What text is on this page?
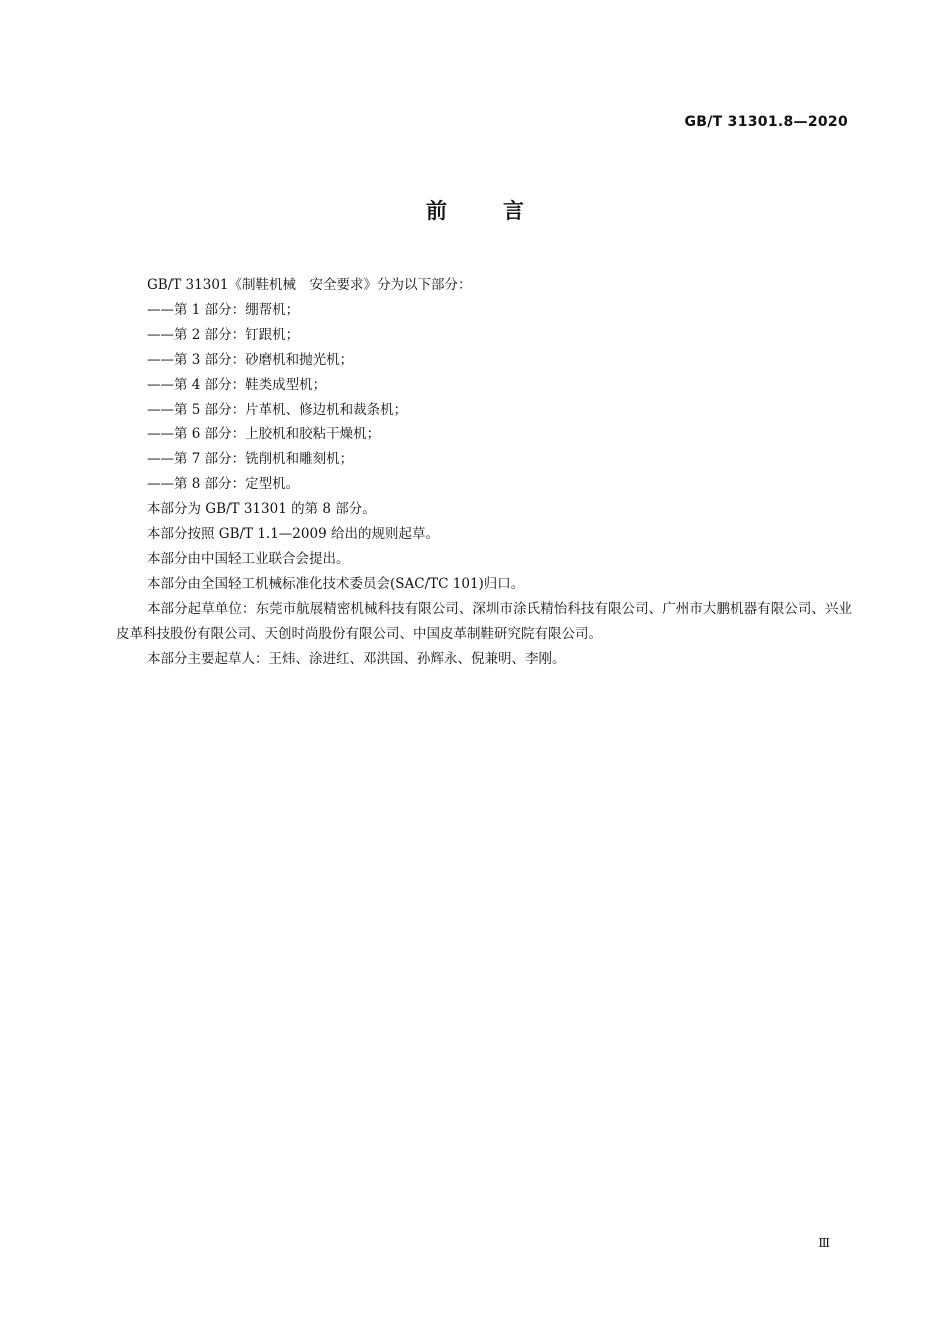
GB/T 31301.8—2020
前言

GB/T 31301《制鞋机械　安全要求》分为以下部分：

——第 1 部分：绷帮机；

——第 2 部分：钉跟机；

——第 3 部分：砂磨机和抛光机；

——第 4 部分：鞋类成型机；

——第 5 部分：片革机、修边机和裁条机；

——第 6 部分：上胶机和胶粘干燥机；

——第 7 部分：铣削机和雕刻机；

——第 8 部分：定型机。

本部分为 GB/T 31301 的第 8 部分。

本部分按照 GB/T 1.1—2009 给出的规则起草。

本部分由中国轻工业联合会提出。

本部分由全国轻工机械标准化技术委员会(SAC/TC 101)归口。

本部分起草单位：东莞市航展精密机械科技有限公司、深圳市涂氏精怡科技有限公司、广州市大鹏机器有限公司、兴业皮革科技股份有限公司、天创时尚股份有限公司、中国皮革制鞋研究院有限公司。

本部分主要起草人：王炜、涂进红、邓洪国、孙辉永、倪兼明、李刚。

Ⅲ
